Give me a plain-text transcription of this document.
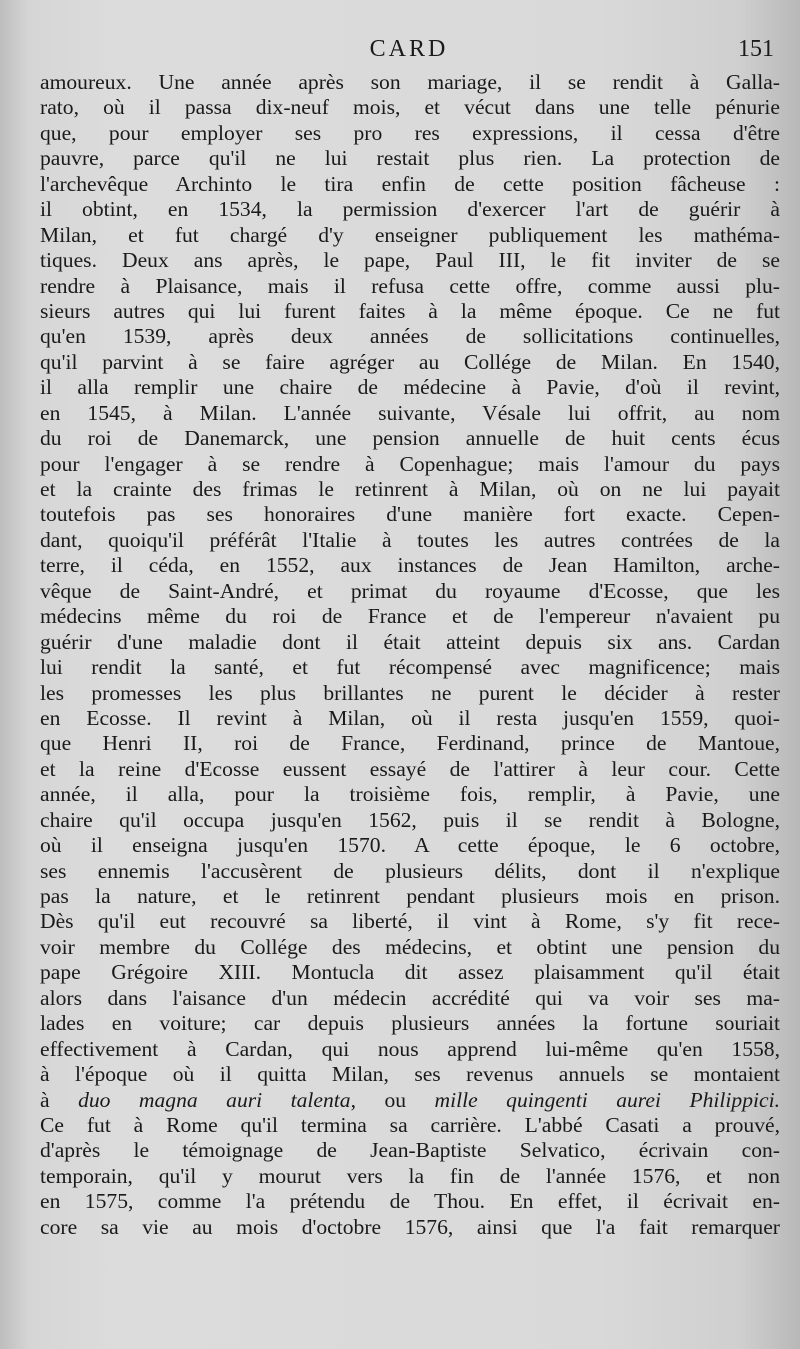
CARD	151
amoureux. Une année après son mariage, il se rendit à Galla-
rato, où il passa dix-neuf mois, et vécut dans une telle pénurie
que, pour employer ses pro res expressions, il cessa d'être
pauvre, parce qu'il ne lui restait plus rien. La protection de
l'archevêque Archinto le tira enfin de cette position fâcheuse :
il obtint, en 1534, la permission d'exercer l'art de guérir à
Milan, et fut chargé d'y enseigner publiquement les mathéma-
tiques. Deux ans après, le pape, Paul III, le fit inviter de se
rendre à Plaisance, mais il refusa cette offre, comme aussi plu-
sieurs autres qui lui furent faites à la même époque. Ce ne fut
qu'en 1539, après deux années de sollicitations continuelles,
qu'il parvint à se faire agréger au Collége de Milan. En 1540,
il alla remplir une chaire de médecine à Pavie, d'où il revint,
en 1545, à Milan. L'année suivante, Vésale lui offrit, au nom
du roi de Danemarck, une pension annuelle de huit cents écus
pour l'engager à se rendre à Copenhague; mais l'amour du pays
et la crainte des frimas le retinrent à Milan, où on ne lui payait
toutefois pas ses honoraires d'une manière fort exacte. Cepen-
dant, quoiqu'il préférât l'Italie à toutes les autres contrées de la
terre, il céda, en 1552, aux instances de Jean Hamilton, arche-
vêque de Saint-André, et primat du royaume d'Ecosse, que les
médecins même du roi de France et de l'empereur n'avaient pu
guérir d'une maladie dont il était atteint depuis six ans. Cardan
lui rendit la santé, et fut récompensé avec magnificence; mais
les promesses les plus brillantes ne purent le décider à rester
en Ecosse. Il revint à Milan, où il resta jusqu'en 1559, quoi-
que Henri II, roi de France, Ferdinand, prince de Mantoue,
et la reine d'Ecosse eussent essayé de l'attirer à leur cour. Cette
année, il alla, pour la troisième fois, remplir, à Pavie, une
chaire qu'il occupa jusqu'en 1562, puis il se rendit à Bologne,
où il enseigna jusqu'en 1570. A cette époque, le 6 octobre,
ses ennemis l'accusèrent de plusieurs délits, dont il n'explique
pas la nature, et le retinrent pendant plusieurs mois en prison.
Dès qu'il eut recouvré sa liberté, il vint à Rome, s'y fit rece-
voir membre du Collége des médecins, et obtint une pension du
pape Grégoire XIII. Montucla dit assez plaisamment qu'il était
alors dans l'aisance d'un médecin accrédité qui va voir ses ma-
lades en voiture; car depuis plusieurs années la fortune souriait
effectivement à Cardan, qui nous apprend lui-même qu'en 1558,
à l'époque où il quitta Milan, ses revenus annuels se montaient
à duo magna auri talenta, ou mille quingenti aurei Philippici.
Ce fut à Rome qu'il termina sa carrière. L'abbé Casati a prouvé,
d'après le témoignage de Jean-Baptiste Selvatico, écrivain con-
temporain, qu'il y mourut vers la fin de l'année 1576, et non
en 1575, comme l'a prétendu de Thou. En effet, il écrivait en-
core sa vie au mois d'octobre 1576, ainsi que l'a fait remarquer
